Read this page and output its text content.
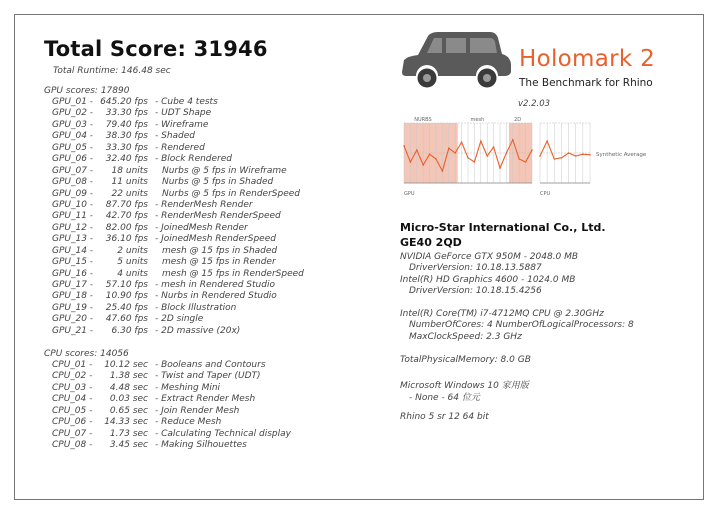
Total Score: 31946
Total Runtime: 146.48 sec
GPU scores: 17890
GPU_01 - 645.20 fps - Cube 4 tests
GPU_02 -	33.30 fps - UDT Shape
GPU_03 -	79.40 fps - Wireframe
GPU_04 -	38.30 fps - Shaded
GPU_05 -	33.30 fps - Rendered
GPU_06 -	32.40 fps - Block Rendered
GPU_07 -	18 units Nurbs @ 5 fps in Wireframe
GPU_08 -	11 units Nurbs @ 5 fps in Shaded
GPU_09 -	22 units Nurbs @ 5 fps in RenderSpeed
GPU_10 -	87.70 fps - RenderMesh Render
GPU_11 -	42.70 fps - RenderMesh RenderSpeed
GPU_12 -	82.00 fps - JoinedMesh Render
GPU_13 -	36.10 fps - JoinedMesh RenderSpeed
GPU_14 -	2 units mesh @ 15 fps in Shaded
GPU_15 -	5 units mesh @ 15 fps in Render
GPU_16 -	4 units mesh @ 15 fps in RenderSpeed
GPU_17 -	57.10 fps - mesh in Rendered Studio
GPU_18 -	10.90 fps - Nurbs in Rendered Studio
GPU_19 -	25.40 fps - Block Illustration
GPU_20 -	47.60 fps - 2D single
GPU_21 -	6.30 fps - 2D massive (20x)
CPU scores: 14056
CPU_01 -	10.12 sec - Booleans and Contours
CPU_02 -	1.38 sec - Twist and Taper (UDT)
CPU_03 -	4.48 sec - Meshing Mini
CPU_04 -	0.03 sec - Extract Render Mesh
CPU_05 -	0.65 sec - Join Render Mesh
CPU_06 -	14.33 sec - Reduce Mesh
CPU_07 -	1.73 sec - Calculating Technical display
CPU_08 -	3.45 sec - Making Silhouettes
Holomark 2
The Benchmark for Rhino
v2.2.03
GPU	CPU
NURBS	mesh	2D
Synthetic Average
Micro-Star International Co., Ltd.
GE40 2QD
NVIDIA GeForce GTX 950M - 2048.0 MB
DriverVersion: 10.18.13.5887
Intel(R) HD Graphics 4600 - 1024.0 MB
DriverVersion: 10.18.15.4256
Intel(R) Core(TM) i7-4712MQ CPU @ 2.30GHz
NumberOfCores: 4 NumberOfLogicalProcessors: 8
MaxClockSpeed: 2.3 GHz
TotalPhysicalMemory: 8.0 GB
Microsoft Windows 10 家用版
- None - 64 位元
Rhino 5 sr 12 64 bit
